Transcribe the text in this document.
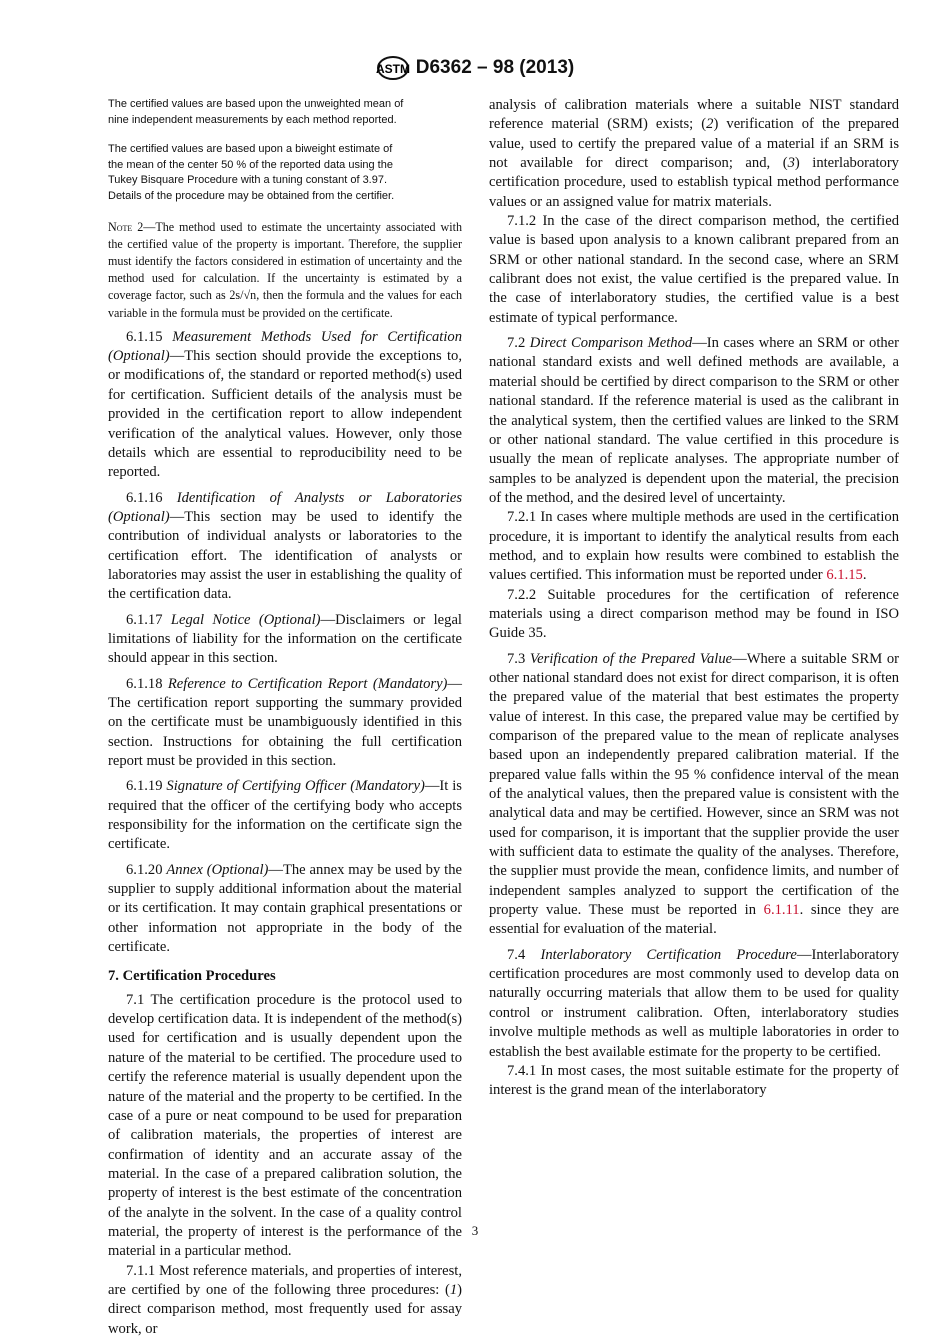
ASTM D6362 – 98 (2013)
The certified values are based upon the unweighted mean of nine independent measurements by each method reported.
The certified values are based upon a biweight estimate of the mean of the center 50 % of the reported data using the Tukey Bisquare Procedure with a tuning constant of 3.97. Details of the procedure may be obtained from the certifier.
Note 2—The method used to estimate the uncertainty associated with the certified value of the property is important. Therefore, the supplier must identify the factors considered in estimation of uncertainty and the method used for calculation. If the uncertainty is estimated by a coverage factor, such as 2s/√n, then the formula and the values for each variable in the formula must be provided on the certificate.

6.1.15 Measurement Methods Used for Certification (Optional)—This section should provide the exceptions to, or modifications of, the standard or reported method(s) used for certification. Sufficient details of the analysis must be provided in the certification report to allow independent verification of the analytical values. However, only those details which are essential to reproducibility need to be reported.

6.1.16 Identification of Analysts or Laboratories (Optional)—This section may be used to identify the contribution of individual analysts or laboratories to the certification effort. The identification of analysts or laboratories may assist the user in establishing the quality of the certification data.

6.1.17 Legal Notice (Optional)—Disclaimers or legal limitations of liability for the information on the certificate should appear in this section.

6.1.18 Reference to Certification Report (Mandatory)—The certification report supporting the summary provided on the certificate must be unambiguously identified in this section. Instructions for obtaining the full certification report must be provided in this section.

6.1.19 Signature of Certifying Officer (Mandatory)—It is required that the officer of the certifying body who accepts responsibility for the information on the certificate sign the certificate.

6.1.20 Annex (Optional)—The annex may be used by the supplier to supply additional information about the material or its certification. It may contain graphical presentations or other information not appropriate in the body of the certificate.

7. Certification Procedures

7.1 The certification procedure is the protocol used to develop certification data. It is independent of the method(s) used for certification and is usually dependent upon the nature of the material to be certified. The procedure used to certify the reference material is usually dependent upon the nature of the material and the property to be certified. In the case of a pure or neat compound to be used for preparation of calibration materials, the properties of interest are confirmation of identity and an accurate assay of the material. In the case of a prepared calibration solution, the property of interest is the best estimate of the concentration of the analyte in the solvent. In the case of a quality control material, the property of interest is the performance of the material in a particular method.

7.1.1 Most reference materials, and properties of interest, are certified by one of the following three procedures: (1) direct comparison method, most frequently used for assay work, or

analysis of calibration materials where a suitable NIST standard reference material (SRM) exists; (2) verification of the prepared value, used to certify the prepared value of a material if an SRM is not available for direct comparison; and, (3) interlaboratory certification procedure, used to establish typical method performance values or an assigned value for matrix materials.

7.1.2 In the case of the direct comparison method, the certified value is based upon analysis to a known calibrant prepared from an SRM or other national standard. In the second case, where an SRM calibrant does not exist, the value certified is the prepared value. In the case of interlaboratory studies, the certified value is a best estimate of typical performance.

7.2 Direct Comparison Method—In cases where an SRM or other national standard exists and well defined methods are available, a material should be certified by direct comparison to the SRM or other national standard. If the reference material is used as the calibrant in the analytical system, then the certified values are linked to the SRM or other national standard. The value certified in this procedure is usually the mean of replicate analyses. The appropriate number of samples to be analyzed is dependent upon the material, the precision of the method, and the desired level of uncertainty.

7.2.1 In cases where multiple methods are used in the certification procedure, it is important to identify the analytical results from each method, and to explain how results were combined to establish the values certified. This information must be reported under 6.1.15.

7.2.2 Suitable procedures for the certification of reference materials using a direct comparison method may be found in ISO Guide 35.

7.3 Verification of the Prepared Value—Where a suitable SRM or other national standard does not exist for direct comparison, it is often the prepared value of the material that best estimates the property value of interest. In this case, the prepared value may be certified by comparison of the prepared value to the mean of replicate analyses based upon an independently prepared calibration material. If the prepared value falls within the 95 % confidence interval of the mean of the analytical values, then the prepared value is consistent with the analytical data and may be certified. However, since an SRM was not used for comparison, it is important that the supplier provide the user with sufficient data to estimate the quality of the analyses. Therefore, the supplier must provide the mean, confidence limits, and number of independent samples analyzed to support the certification of the property value. These must be reported in 6.1.11. since they are essential for evaluation of the material.

7.4 Interlaboratory Certification Procedure—Interlaboratory certification procedures are most commonly used to develop data on naturally occurring materials that allow them to be used for quality control or instrument calibration. Often, interlaboratory studies involve multiple methods as well as multiple laboratories in order to establish the best available estimate for the property to be certified.

7.4.1 In most cases, the most suitable estimate for the property of interest is the grand mean of the interlaboratory

3
